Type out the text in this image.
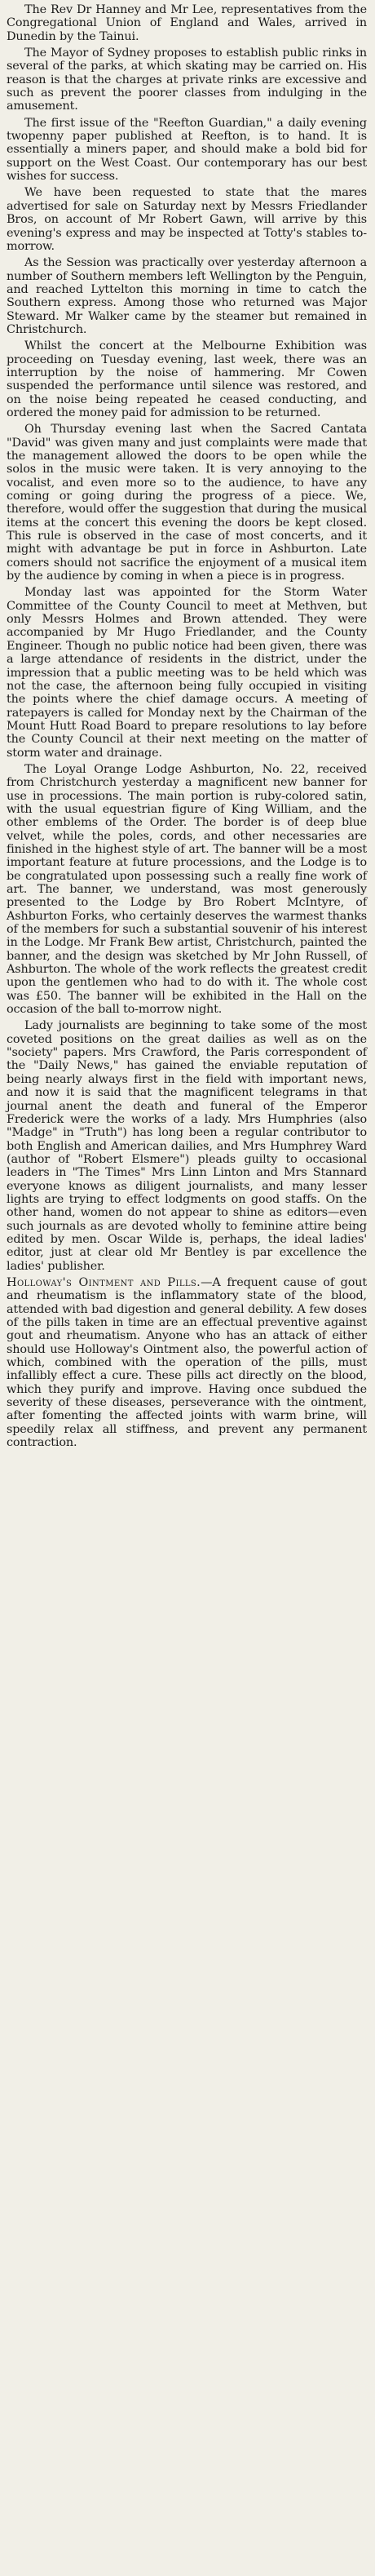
The Rev Dr Hanney and Mr Lee, representatives from the Congregational Union of England and Wales, arrived in Dunedin by the Tainui.

The Mayor of Sydney proposes to establish public rinks in several of the parks, at which skating may be carried on. His reason is that the charges at private rinks are excessive and such as prevent the poorer classes from indulging in the amusement.

The first issue of the "Reefton Guardian," a daily evening twopenny paper published at Reefton, is to hand. It is essentially a miners paper, and should make a bold bid for support on the West Coast. Our contemporary has our best wishes for success.

We have been requested to state that the mares advertised for sale on Saturday next by Messrs Friedlander Bros, on account of Mr Robert Gawn, will arrive by this evening's express and may be inspected at Totty's stables to-morrow.

As the Session was practically over yesterday afternoon a number of Southern members left Wellington by the Penguin, and reached Lyttelton this morning in time to catch the Southern express. Among those who returned was Major Steward. Mr Walker came by the steamer but remained in Christchurch.

Whilst the concert at the Melbourne Exhibition was proceeding on Tuesday evening, last week, there was an interruption by the noise of hammering. Mr Cowen suspended the performance until silence was restored, and on the noise being repeated he ceased conducting, and ordered the money paid for admission to be returned.

Oh Thursday evening last when the Sacred Cantata "David" was given many and just complaints were made that the management allowed the doors to be open while the solos in the music were taken. It is very annoying to the vocalist, and even more so to the audience, to have any coming or going during the progress of a piece. We, therefore, would offer the suggestion that during the musical items at the concert this evening the doors be kept closed. This rule is observed in the case of most concerts, and it might with advantage be put in force in Ashburton. Late comers should not sacrifice the enjoyment of a musical item by the audience by coming in when a piece is in progress.

Monday last was appointed for the Storm Water Committee of the County Council to meet at Methven, but only Messrs Holmes and Brown attended. They were accompanied by Mr Hugo Friedlander, and the County Engineer. Though no public notice had been given, there was a large attendance of residents in the district, under the impression that a public meeting was to be held which was not the case, the afternoon being fully occupied in visiting the points where the chief damage occurs. A meeting of ratepayers is called for Monday next by the Chairman of the Mount Hutt Road Board to prepare resolutions to lay before the County Council at their next meeting on the matter of storm water and drainage.

The Loyal Orange Lodge Ashburton, No. 22, received from Christchurch yesterday a magnificent new banner for use in processions. The main portion is ruby-colored satin, with the usual equestrian figure of King William, and the other emblems of the Order. The border is of deep blue velvet, while the poles, cords, and other necessaries are finished in the highest style of art. The banner will be a most important feature at future processions, and the Lodge is to be congratulated upon possessing such a really fine work of art. The banner, we understand, was most generously presented to the Lodge by Bro Robert McIntyre, of Ashburton Forks, who certainly deserves the warmest thanks of the members for such a substantial souvenir of his interest in the Lodge. Mr Frank Bew artist, Christchurch, painted the banner, and the design was sketched by Mr John Russell, of Ashburton. The whole of the work reflects the greatest credit upon the gentlemen who had to do with it. The whole cost was £50. The banner will be exhibited in the Hall on the occasion of the ball to-morrow night.

Lady journalists are beginning to take some of the most coveted positions on the great dailies as well as on the "society" papers. Mrs Crawford, the Paris correspondent of the "Daily News," has gained the enviable reputation of being nearly always first in the field with important news, and now it is said that the magnificent telegrams in that journal anent the death and funeral of the Emperor Frederick were the works of a lady. Mrs Humphries (also "Madge" in "Truth") has long been a regular contributor to both English and American dailies, and Mrs Humphrey Ward (author of "Robert Elsmere") pleads guilty to occasional leaders in "The Times" Mrs Linn Linton and Mrs Stannard everyone knows as diligent journalists, and many lesser lights are trying to effect lodgments on good staffs. On the other hand, women do not appear to shine as editors—even such journals as are devoted wholly to feminine attire being edited by men. Oscar Wilde is, perhaps, the ideal ladies' editor, just at clear old Mr Bentley is par excellence the ladies' publisher.

Holloway's Ointment and Pills.—A frequent cause of gout and rheumatism is the inflammatory state of the blood, attended with bad digestion and general debility. A few doses of the pills taken in time are an effectual preventive against gout and rheumatism. Anyone who has an attack of either should use Holloway's Ointment also, the powerful action of which, combined with the operation of the pills, must infallibly effect a cure. These pills act directly on the blood, which they purify and improve. Having once subdued the severity of these diseases, perseverance with the ointment, after fomenting the affected joints with warm brine, will speedily relax all stiffness, and prevent any permanent contraction.
